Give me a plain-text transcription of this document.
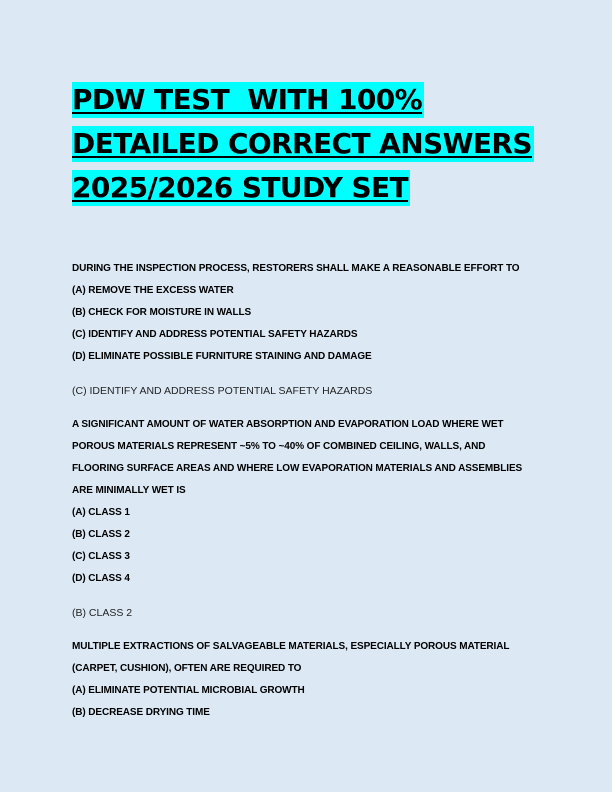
PDW TEST  WITH 100%
DETAILED CORRECT ANSWERS
2025/2026 STUDY SET
DURING THE INSPECTION PROCESS, RESTORERS SHALL MAKE A REASONABLE EFFORT TO
(A) REMOVE THE EXCESS WATER
(B) CHECK FOR MOISTURE IN WALLS
(C) IDENTIFY AND ADDRESS POTENTIAL SAFETY HAZARDS
(D) ELIMINATE POSSIBLE FURNITURE STAINING AND DAMAGE
(C) IDENTIFY AND ADDRESS POTENTIAL SAFETY HAZARDS
A SIGNIFICANT AMOUNT OF WATER ABSORPTION AND EVAPORATION LOAD WHERE WET
POROUS MATERIALS REPRESENT ~5% TO ~40% OF COMBINED CEILING, WALLS, AND
FLOORING SURFACE AREAS AND WHERE LOW EVAPORATION MATERIALS AND ASSEMBLIES
ARE MINIMALLY WET IS
(A) CLASS 1
(B) CLASS 2
(C) CLASS 3
(D) CLASS 4
(B) CLASS 2
MULTIPLE EXTRACTIONS OF SALVAGEABLE MATERIALS, ESPECIALLY POROUS MATERIAL
(CARPET, CUSHION), OFTEN ARE REQUIRED TO
(A) ELIMINATE POTENTIAL MICROBIAL GROWTH
(B) DECREASE DRYING TIME
